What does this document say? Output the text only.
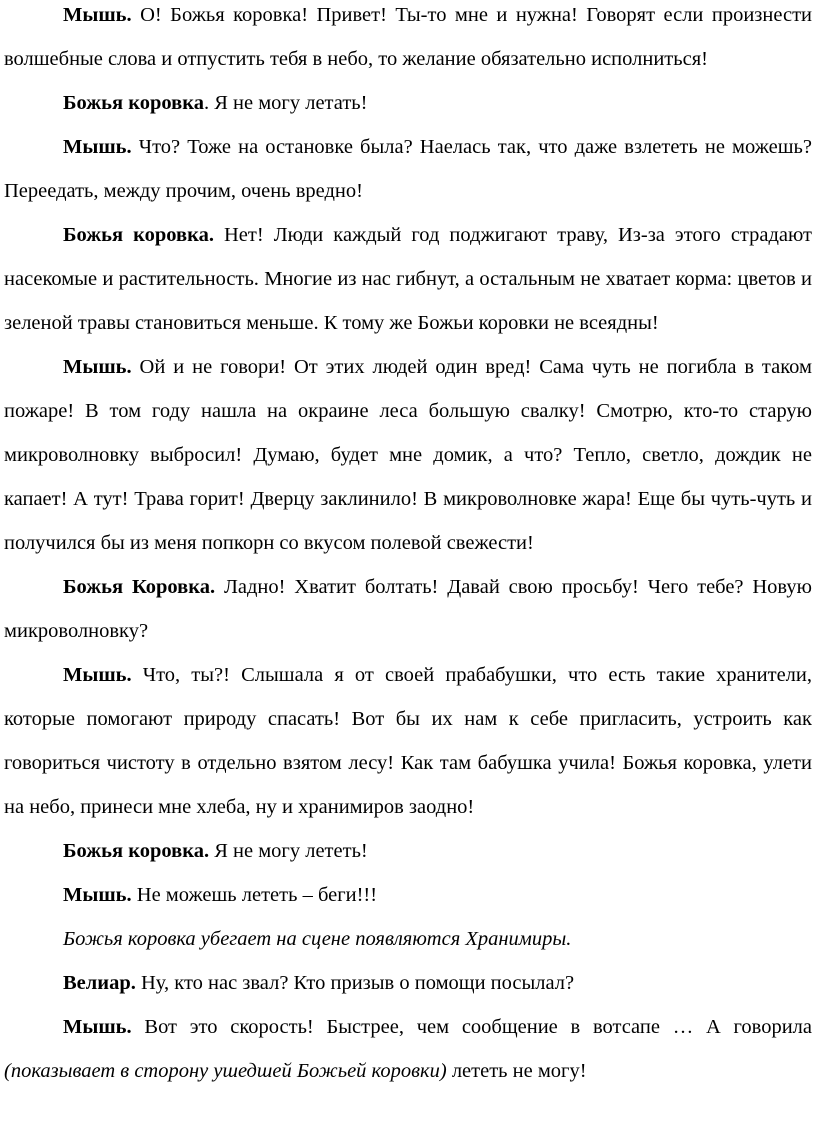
Мышь. О! Божья коровка! Привет! Ты-то мне и нужна! Говорят если произнести волшебные слова и отпустить тебя в небо, то желание обязательно исполниться!

Божья коровка. Я не могу летать!

Мышь. Что? Тоже на остановке была? Наелась так, что даже взлететь не можешь? Переедать, между прочим, очень вредно!

Божья коровка. Нет! Люди каждый год поджигают траву, Из-за этого страдают насекомые и растительность. Многие из нас гибнут, а остальным не хватает корма: цветов и зеленой травы становиться меньше. К тому же Божьи коровки не всеядны!

Мышь. Ой и не говори! От этих людей один вред! Сама чуть не погибла в таком пожаре! В том году нашла на окраине леса большую свалку! Смотрю, кто-то старую микроволновку выбросил! Думаю, будет мне домик, а что? Тепло, светло, дождик не капает! А тут! Трава горит! Дверцу заклинило! В микроволновке жара! Еще бы чуть-чуть и получился бы из меня попкорн со вкусом полевой свежести!

Божья Коровка. Ладно! Хватит болтать! Давай свою просьбу! Чего тебе? Новую микроволновку?

Мышь. Что, ты?! Слышала я от своей прабабушки, что есть такие хранители, которые помогают природу спасать! Вот бы их нам к себе пригласить, устроить как говориться чистоту в отдельно взятом лесу! Как там бабушка учила! Божья коровка, улети на небо, принеси мне хлеба, ну и хранимиров заодно!

Божья коровка. Я не могу лететь!

Мышь. Не можешь лететь – беги!!!

Божья коровка убегает на сцене появляются Хранимиры.

Велиар. Ну, кто нас звал? Кто призыв о помощи посылал?

Мышь. Вот это скорость! Быстрее, чем сообщение в вотсапе … А говорила (показывает в сторону ушедшей Божьей коровки) лететь не могу!
